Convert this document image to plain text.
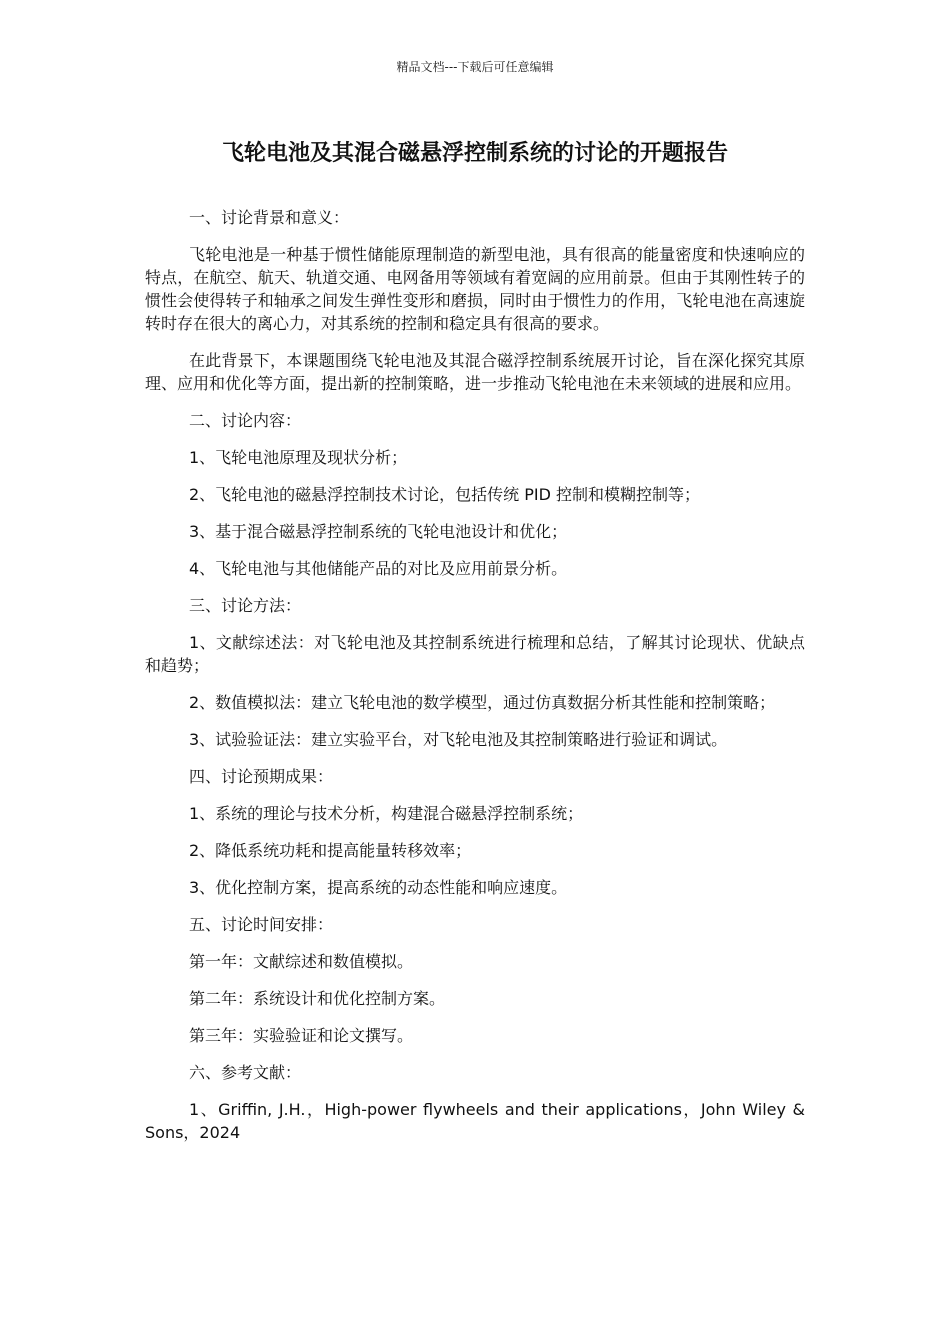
精品文档---下载后可任意编辑
飞轮电池及其混合磁悬浮控制系统的讨论的开题报告

一、讨论背景和意义：

飞轮电池是一种基于惯性储能原理制造的新型电池，具有很高的能量密度和快速响应的特点，在航空、航天、轨道交通、电网备用等领域有着宽阔的应用前景。但由于其刚性转子的惯性会使得转子和轴承之间发生弹性变形和磨损，同时由于惯性力的作用，飞轮电池在高速旋转时存在很大的离心力，对其系统的控制和稳定具有很高的要求。

在此背景下，本课题围绕飞轮电池及其混合磁浮控制系统展开讨论，旨在深化探究其原理、应用和优化等方面，提出新的控制策略，进一步推动飞轮电池在未来领域的进展和应用。

二、讨论内容：

1、飞轮电池原理及现状分析；

2、飞轮电池的磁悬浮控制技术讨论，包括传统 PID 控制和模糊控制等；

3、基于混合磁悬浮控制系统的飞轮电池设计和优化；

4、飞轮电池与其他储能产品的对比及应用前景分析。

三、讨论方法：

1、文献综述法：对飞轮电池及其控制系统进行梳理和总结，了解其讨论现状、优缺点和趋势；

2、数值模拟法：建立飞轮电池的数学模型，通过仿真数据分析其性能和控制策略；

3、试验验证法：建立实验平台，对飞轮电池及其控制策略进行验证和调试。

四、讨论预期成果：

1、系统的理论与技术分析，构建混合磁悬浮控制系统；

2、降低系统功耗和提高能量转移效率；

3、优化控制方案，提高系统的动态性能和响应速度。

五、讨论时间安排：

第一年：文献综述和数值模拟。

第二年：系统设计和优化控制方案。

第三年：实验验证和论文撰写。

六、参考文献：

1、Griffin, J.H.，High-power flywheels and their applications，John Wiley & Sons，2024
